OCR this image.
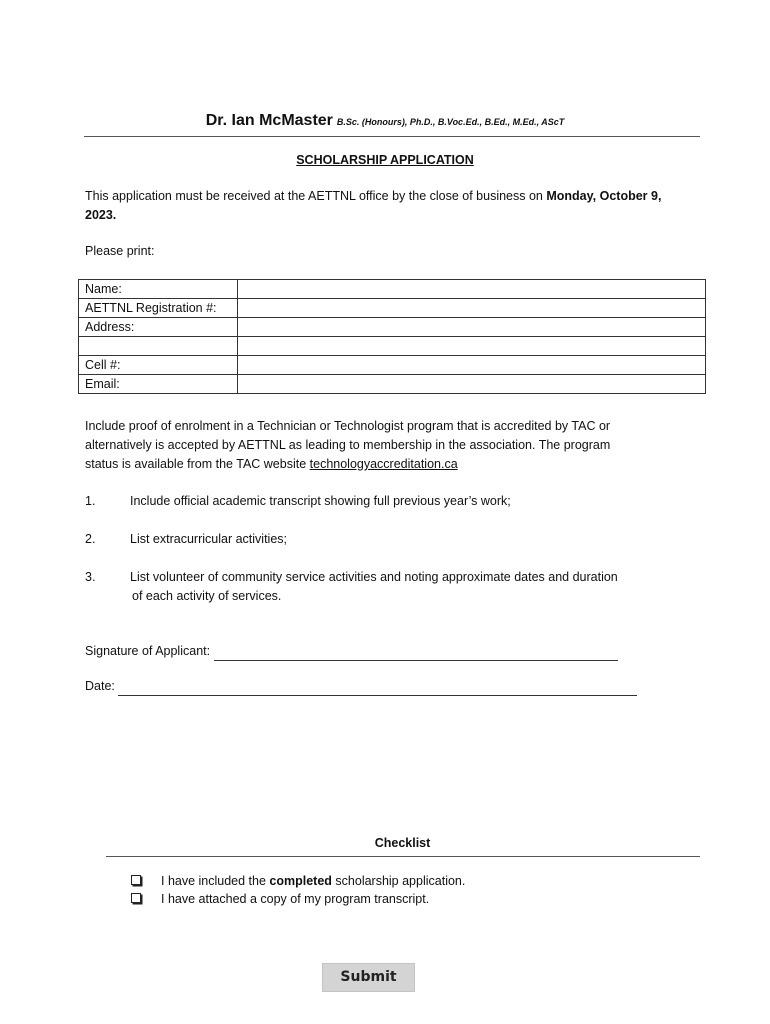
Dr. Ian McMaster B.Sc. (Honours), Ph.D., B.Voc.Ed., B.Ed., M.Ed., AScT
SCHOLARSHIP APPLICATION
This application must be received at the AETTNL office by the close of business on Monday, October 9, 2023.
Please print:
Name:	
AETTNL Registration #:	
Address:	

Cell #:	
Email:	
Include proof of enrolment in a Technician or Technologist program that is accredited by TAC or
alternatively is accepted by AETTNL as leading to membership in the association. The program
status is available from the TAC website technologyaccreditation.ca
1.	Include official academic transcript showing full previous year’s work;
2.	List extracurricular activities;
3.	List volunteer of community service activities and noting approximate dates and duration
of each activity of services.
Signature of Applicant:
Date:
Checklist
I have included the completed scholarship application.
I have attached a copy of my program transcript.
Submit
